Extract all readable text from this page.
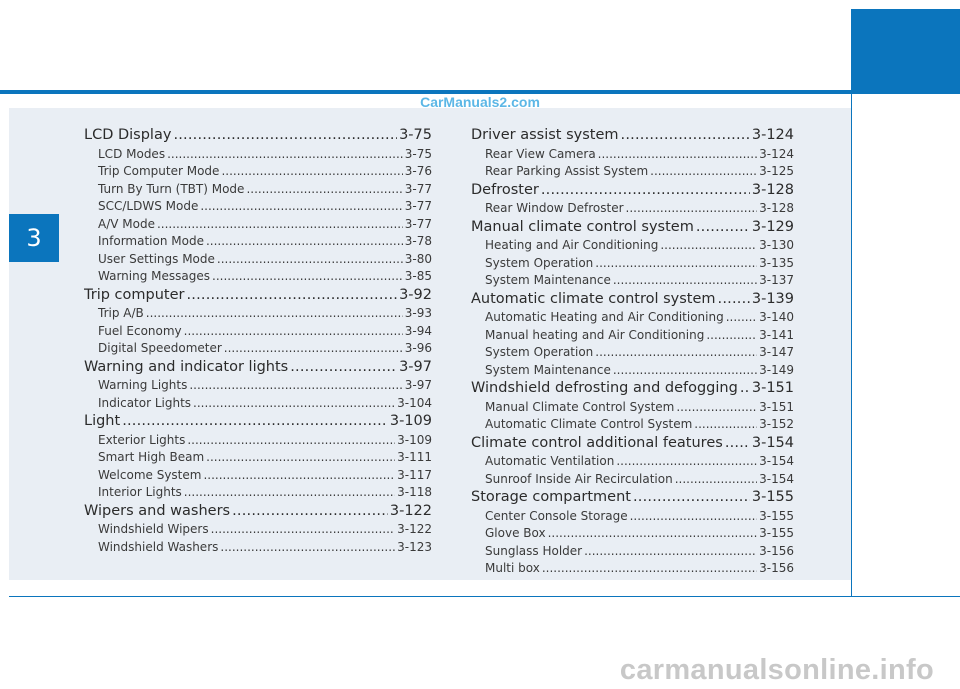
3
CarManuals2.com
LCD Display .....	3-75
LCD Modes .....	3-75
Trip Computer Mode .....	3-76
Turn By Turn (TBT) Mode .....	3-77
SCC/LDWS Mode .....	3-77
A/V Mode .....	3-77
Information Mode .....	3-78
User Settings Mode .....	3-80
Warning Messages .....	3-85
Trip computer .....	3-92
Trip A/B .....	3-93
Fuel Economy .....	3-94
Digital Speedometer .....	3-96
Warning and indicator lights .....	3-97
Warning Lights .....	3-97
Indicator Lights .....	3-104
Light .....	3-109
Exterior Lights .....	3-109
Smart High Beam .....	3-111
Welcome System .....	3-117
Interior Lights .....	3-118
Wipers and washers .....	3-122
Windshield Wipers .....	3-122
Windshield Washers .....	3-123
Driver assist system .....	3-124
Rear View Camera .....	3-124
Rear Parking Assist System .....	3-125
Defroster .....	3-128
Rear Window Defroster .....	3-128
Manual climate control system .....	3-129
Heating and Air Conditioning .....	3-130
System Operation .....	3-135
System Maintenance .....	3-137
Automatic climate control system .....	3-139
Automatic Heating and Air Conditioning .....	3-140
Manual heating and Air Conditioning .....	3-141
System Operation .....	3-147
System Maintenance .....	3-149
Windshield defrosting and defogging ..... 3-151
Manual Climate Control System .....	3-151
Automatic Climate Control System .....	3-152
Climate control additional features ..... 3-154
Automatic Ventilation .....	3-154
Sunroof Inside Air Recirculation .....	3-154
Storage compartment .....	3-155
Center Console Storage .....	3-155
Glove Box .....	3-155
Sunglass Holder .....	3-156
Multi box .....	3-156
carmanualsonline.info
